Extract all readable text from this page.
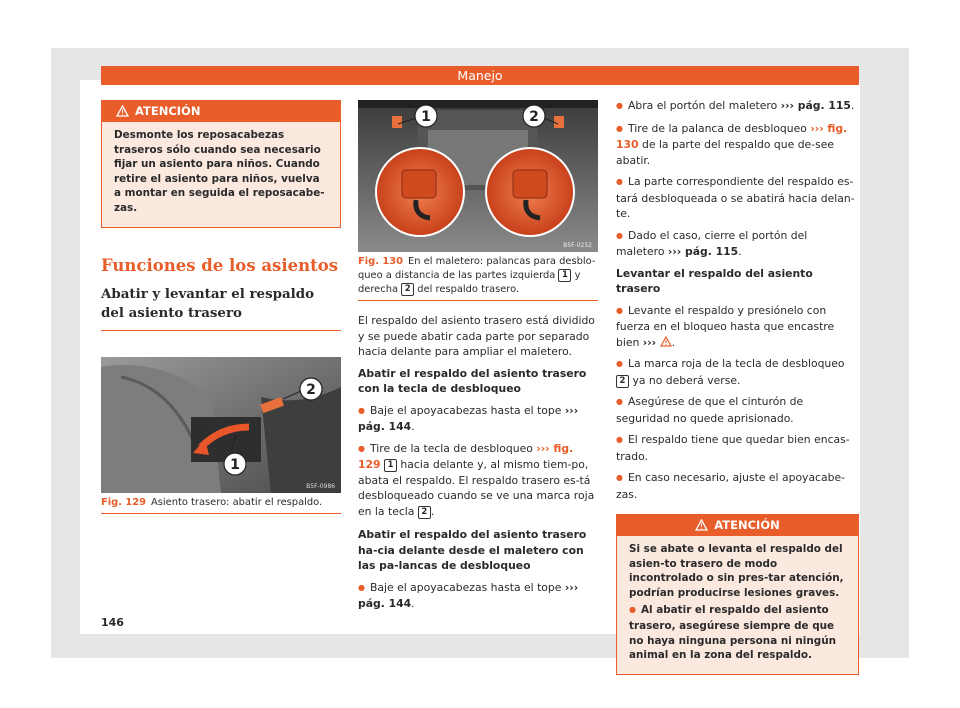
Manejo
ATENCIÓN

Desmonte los reposacabezas traseros sólo cuando sea necesario fijar un asiento para niños. Cuando retire el asiento para niños, vuelva a montar en seguida el reposacabe-zas.

Funciones de los asientos
Abatir y levantar el respaldo del asiento trasero
2
1
B5F-0986
Fig. 129 Asiento trasero: abatir el respaldo.
1	2
B5F-0252
Fig. 130 En el maletero: palancas para desblo-queo a distancia de las partes izquierda 1 y derecha 2 del respaldo trasero.

El respaldo del asiento trasero está dividido y se puede abatir cada parte por separado hacia delante para ampliar el maletero.

Abatir el respaldo del asiento trasero con la tecla de desbloqueo

● Baje el apoyacabezas hasta el tope ››› pág. 144.

● Tire de la tecla de desbloqueo ››› fig. 129 1 hacia delante y, al mismo tiem-po, abata el respaldo. El respaldo trasero es-tá desbloqueado cuando se ve una marca roja en la tecla 2 .

Abatir el respaldo del asiento trasero ha-cia delante desde el maletero con las pa-lancas de desbloqueo

● Baje el apoyacabezas hasta el tope ››› pág. 144.

● Abra el portón del maletero ››› pág. 115.

● Tire de la palanca de desbloqueo ››› fig. 130 de la parte del respaldo que de-see abatir.

● La parte correspondiente del respaldo es-tará desbloqueada o se abatirá hacia delan-te.

● Dado el caso, cierre el portón del maletero ››› pág. 115.

Levantar el respaldo del asiento trasero

● Levante el respaldo y presiónelo con fuerza en el bloqueo hasta que encastre bien ››› .

● La marca roja de la tecla de desbloqueo 2 ya no deberá verse.

● Asegúrese de que el cinturón de seguridad no quede aprisionado.

● El respaldo tiene que quedar bien encas-trado.

● En caso necesario, ajuste el apoyacabe-zas.

ATENCIÓN

Si se abate o levanta el respaldo del asien-to trasero de modo incontrolado o sin pres-tar atención, podrían producirse lesiones graves.

● Al abatir el respaldo del asiento trasero, asegúrese siempre de que no haya ninguna persona ni ningún animal en la zona del respaldo.

146
